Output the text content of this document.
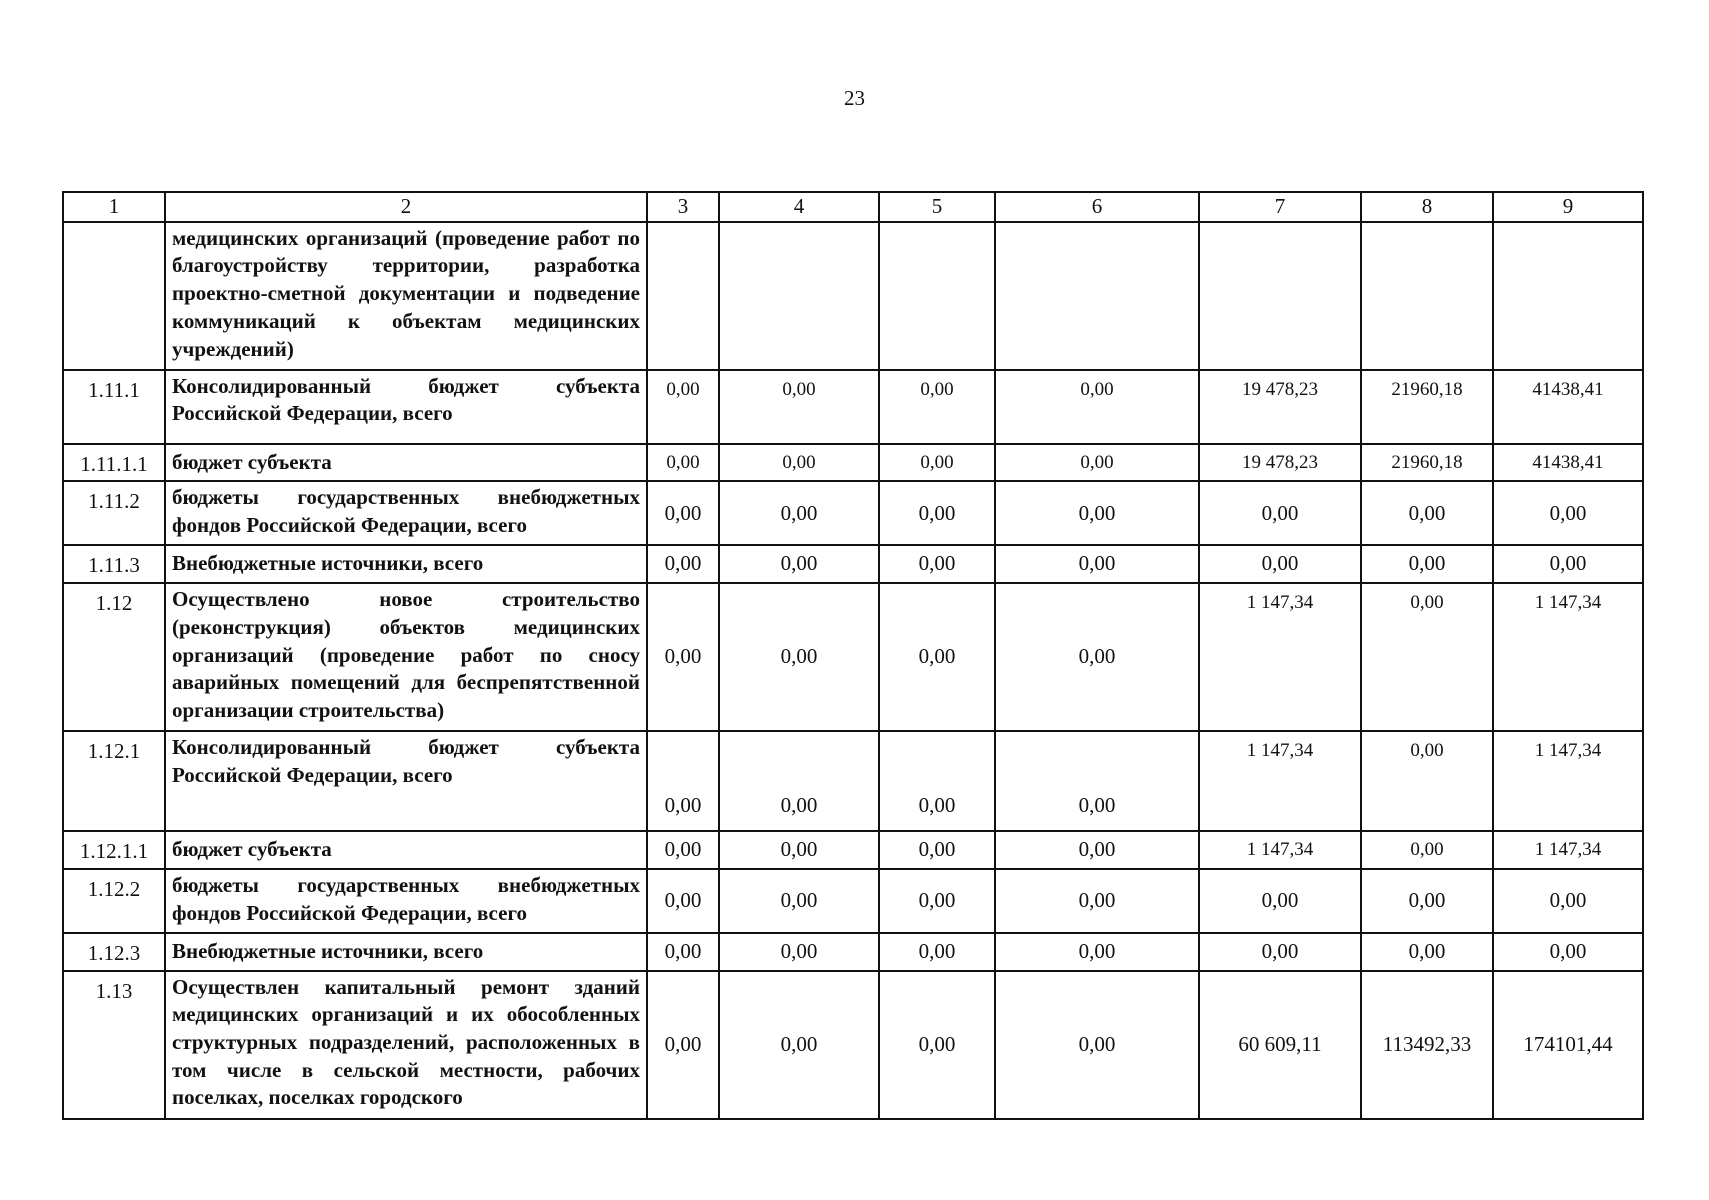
23
1	2	3	4	5	6	7	8	9
	медицинских организаций (проведение работ по благоустройству территории, разработка проектно-сметной документации и подведение коммуникаций к объектам медицинских учреждений)							
1.11.1	Консолидированный бюджет субъекта Российской Федерации, всего	0,00	0,00	0,00	0,00	19 478,23	21960,18	41438,41
1.11.1.1	бюджет субъекта	0,00	0,00	0,00	0,00	19 478,23	21960,18	41438,41
1.11.2	бюджеты государственных внебюджетных фондов Российской Федерации, всего	0,00	0,00	0,00	0,00	0,00	0,00	0,00
1.11.3	Внебюджетные источники, всего	0,00	0,00	0,00	0,00	0,00	0,00	0,00
1.12	Осуществлено новое строительство (реконструкция) объектов медицинских организаций (проведение работ по сносу аварийных помещений для беспрепятственной организации строительства)	0,00	0,00	0,00	0,00	1 147,34	0,00	1 147,34
1.12.1	Консолидированный бюджет субъекта Российской Федерации, всего	0,00	0,00	0,00	0,00	1 147,34	0,00	1 147,34
1.12.1.1	бюджет субъекта	0,00	0,00	0,00	0,00	1 147,34	0,00	1 147,34
1.12.2	бюджеты государственных внебюджетных фондов Российской Федерации, всего	0,00	0,00	0,00	0,00	0,00	0,00	0,00
1.12.3	Внебюджетные источники, всего	0,00	0,00	0,00	0,00	0,00	0,00	0,00
1.13	Осуществлен капитальный ремонт зданий медицинских организаций и их обособленных структурных подразделений, расположенных в том числе в сельской местности, рабочих поселках, поселках городского	0,00	0,00	0,00	0,00	60 609,11	113492,33	174101,44
